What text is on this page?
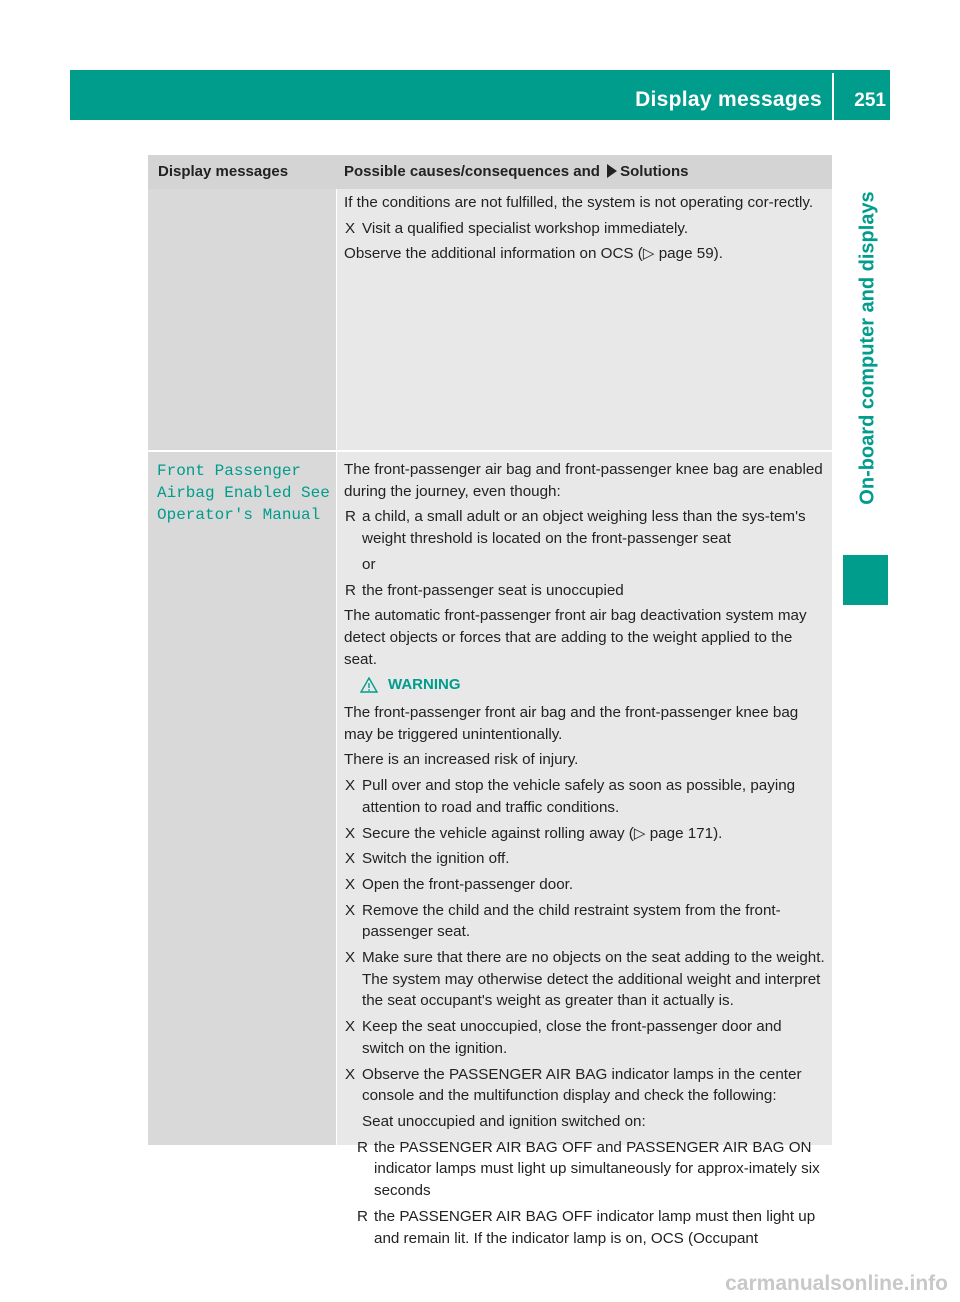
Display messages 251
On-board computer and displays
Display messages	Possible causes/consequences and Solutions

If the conditions are not fulfilled, the system is not operating cor-rectly.

X Visit a qualified specialist workshop immediately.

Observe the additional information on OCS (▷ page 59).

Front Passenger
Airbag Enabled See
Operator's Manual

The front-passenger air bag and front-passenger knee bag are enabled during the journey, even though:

R a child, a small adult or an object weighing less than the sys-tem's weight threshold is located on the front-passenger seat

or

R the front-passenger seat is unoccupied

The automatic front-passenger front air bag deactivation system may detect objects or forces that are adding to the weight applied to the seat.

WARNING

The front-passenger front air bag and the front-passenger knee bag may be triggered unintentionally.

There is an increased risk of injury.

X Pull over and stop the vehicle safely as soon as possible, paying attention to road and traffic conditions.
X Secure the vehicle against rolling away (▷ page 171).
X Switch the ignition off.
X Open the front-passenger door.
X Remove the child and the child restraint system from the front-passenger seat.
X Make sure that there are no objects on the seat adding to the weight.
The system may otherwise detect the additional weight and interpret the seat occupant's weight as greater than it actually is.
X Keep the seat unoccupied, close the front-passenger door and switch on the ignition.
X Observe the PASSENGER AIR BAG indicator lamps in the center console and the multifunction display and check the following:

Seat unoccupied and ignition switched on:

R the PASSENGER AIR BAG OFF and PASSENGER AIR BAG ON indicator lamps must light up simultaneously for approx-imately six seconds
R the PASSENGER AIR BAG OFF indicator lamp must then light up and remain lit. If the indicator lamp is on, OCS (Occupant
carmanualsonline.info
